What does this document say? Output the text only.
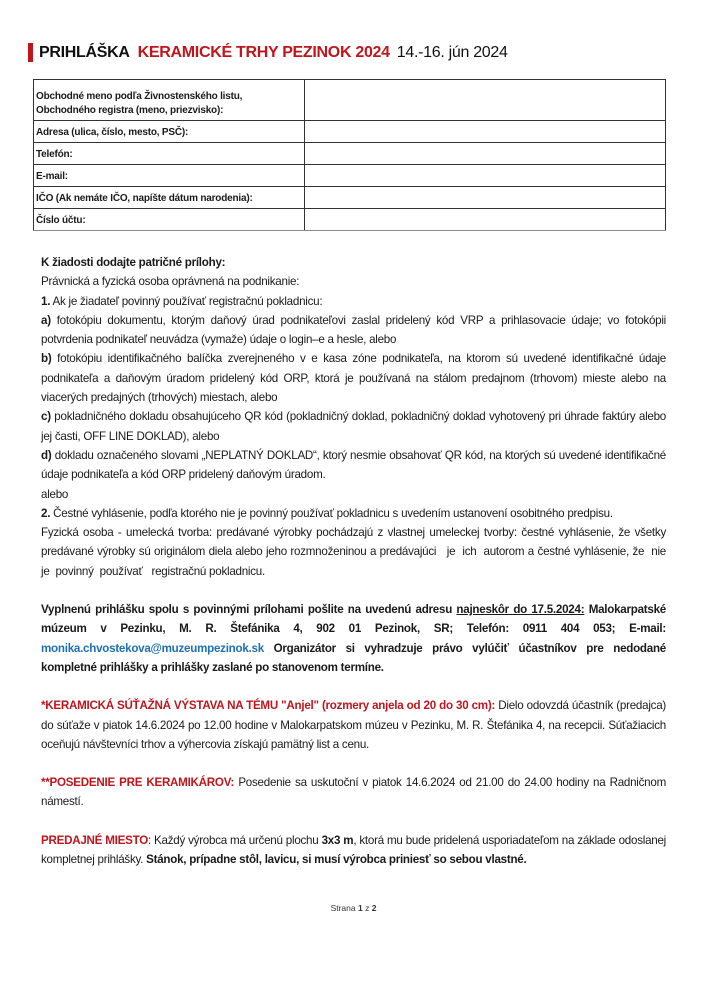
PRIHLÁŠKA KERAMICKÉ TRHY PEZINOK 2024 14.-16. jún 2024
Obchodné meno podľa Živnostenského listu,
Obchodného registra (meno, priezvisko):	
Adresa (ulica, číslo, mesto, PSČ):	
Telefón:	
E-mail:	
IČO (Ak nemáte IČO, napíšte dátum narodenia):	
Číslo účtu:	

K žiadosti dodajte patričné prílohy:

Právnická a fyzická osoba oprávnená na podnikanie:

1. Ak je žiadateľ povinný používať registračnú pokladnicu:

a) fotokópiu dokumentu, ktorým daňový úrad podnikateľovi zaslal pridelený kód VRP a prihlasovacie údaje; vo fotokópii potvrdenia podnikateľ neuvádza (vymaže) údaje o login–e a hesle, alebo

b) fotokópiu identifikačného balíčka zverejneného v e kasa zóne podnikateľa, na ktorom sú uvedené identifikačné údaje podnikateľa a daňovým úradom pridelený kód ORP, ktorá je používaná na stálom predajnom (trhovom) mieste alebo na viacerých predajných (trhových) miestach, alebo

c) pokladničného dokladu obsahujúceho QR kód (pokladničný doklad, pokladničný doklad vyhotovený pri úhrade faktúry alebo jej časti, OFF LINE DOKLAD), alebo

d) dokladu označeného slovami „NEPLATNÝ DOKLAD“, ktorý nesmie obsahovať QR kód, na ktorých sú uvedené identifikačné údaje podnikateľa a kód ORP pridelený daňovým úradom.

alebo

2. Čestné vyhlásenie, podľa ktorého nie je povinný používať pokladnicu s uvedením ustanovení osobitného predpisu.

Fyzická osoba - umelecká tvorba: predávané výrobky pochádzajú z vlastnej umeleckej tvorby: čestné vyhlásenie, že všetky predávané výrobky sú originálom diela alebo jeho rozmnoženinou a predávajúci   je  ich  autorom a čestné vyhlásenie, že  nie  je  povinný  používať   registračnú pokladnicu.

Vyplnenú prihlášku spolu s povinnými prílohami pošlite na uvedenú adresu najneskôr do 17.5.2024: Malokarpatské múzeum v Pezinku, M. R. Štefánika 4, 902 01 Pezinok, SR; Telefón: 0911 404 053; E-mail: monika.chvostekova@muzeumpezinok.sk Organizátor si vyhradzuje právo vylúčiť účastníkov pre nedodané kompletné prihlášky a prihlášky zaslané po stanovenom termíne.

*KERAMICKÁ SÚŤAŽNÁ VÝSTAVA NA TÉMU "Anjel" (rozmery anjela od 20 do 30 cm): Dielo odovzdá účastník (predajca) do súťaže v piatok 14.6.2024 po 12.00 hodine v Malokarpatskom múzeu v Pezinku, M. R. Štefánika 4, na recepcii. Súťažiacich oceňujú návštevníci trhov a výhercovia získajú pamätný list a cenu.

**POSEDENIE PRE KERAMIKÁROV: Posedenie sa uskutoční v piatok 14.6.2024 od 21.00 do 24.00 hodiny na Radničnom námestí.

PREDAJNÉ MIESTO: Každý výrobca má určenú plochu 3x3 m, ktorá mu bude pridelená usporiadateľom na základe odoslanej kompletnej prihlášky. Stánok, prípadne stôl, lavicu, si musí výrobca priniesť so sebou vlastné.

Strana 1 z 2
